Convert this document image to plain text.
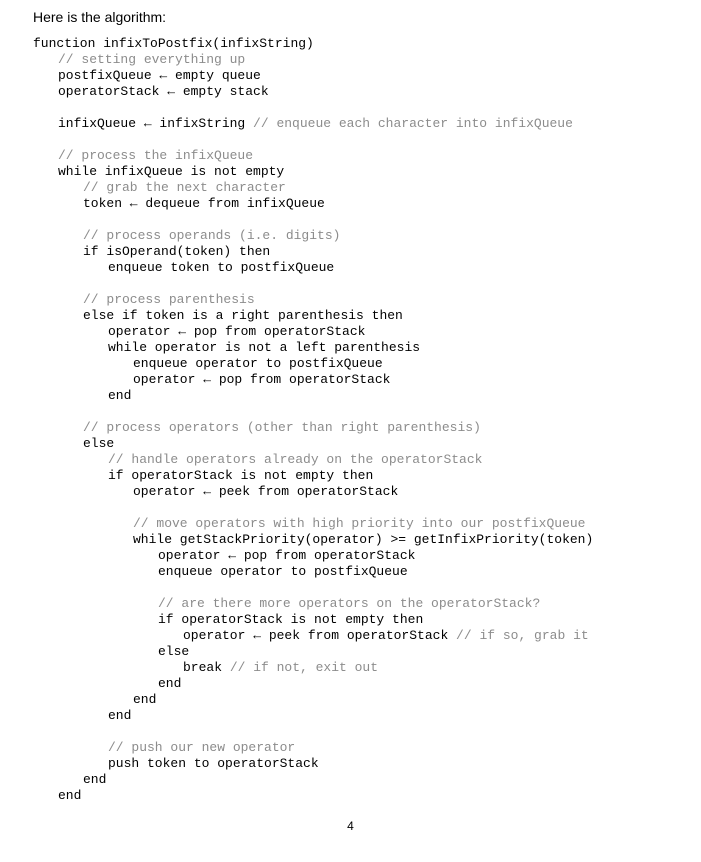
Here is the algorithm:
function infixToPostfix(infixString)
// setting everything up
postfixQueue ← empty queue
operatorStack ← empty stack
infixQueue ← infixString // enqueue each character into infixQueue
// process the infixQueue
while infixQueue is not empty
// grab the next character
token ← dequeue from infixQueue
// process operands (i.e. digits)
if isOperand(token) then
enqueue token to postfixQueue
// process parenthesis
else if token is a right parenthesis then
operator ← pop from operatorStack
while operator is not a left parenthesis
enqueue operator to postfixQueue
operator ← pop from operatorStack
end
// process operators (other than right parenthesis)
else
// handle operators already on the operatorStack
if operatorStack is not empty then
operator ← peek from operatorStack
// move operators with high priority into our postfixQueue
while getStackPriority(operator) >= getInfixPriority(token)
operator ← pop from operatorStack
enqueue operator to postfixQueue
// are there more operators on the operatorStack?
if operatorStack is not empty then
operator ← peek from operatorStack // if so, grab it
else
break // if not, exit out
end
end
end
// push our new operator
push token to operatorStack
end
end
4
